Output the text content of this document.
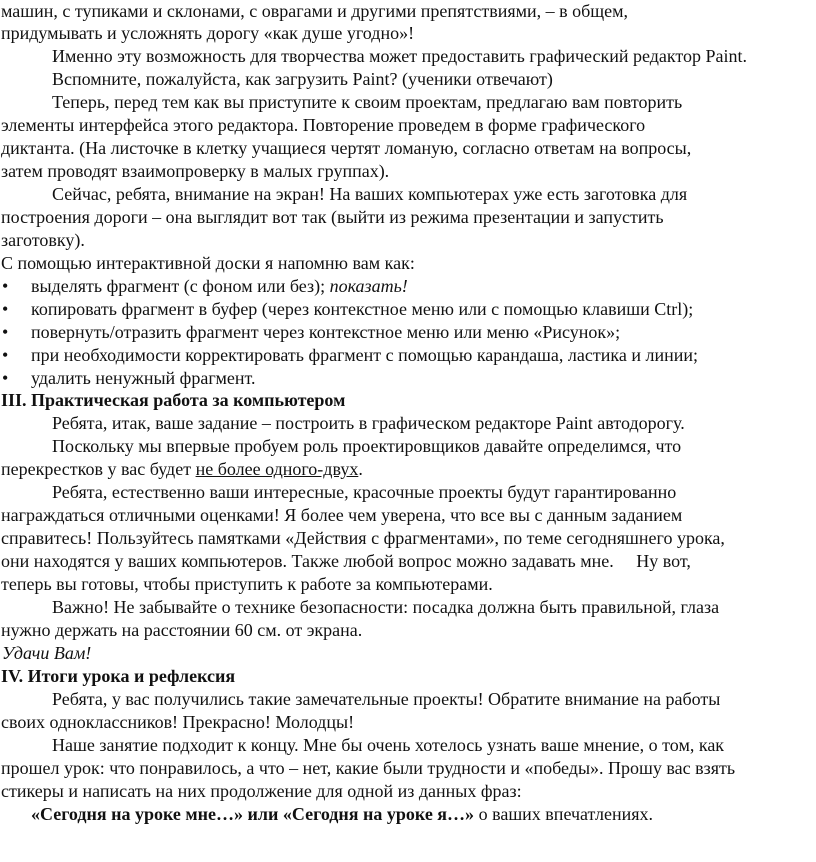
машин, с тупиками и склонами, с оврагами и другими препятствиями, – в общем,
придумывать и усложнять дорогу «как душе угодно»!
Именно эту возможность для творчества может предоставить графический редактор Paint.
Вспомните, пожалуйста, как загрузить Paint? (ученики отвечают)
Теперь, перед тем как вы приступите к своим проектам, предлагаю вам повторить
элементы интерфейса этого редактора. Повторение проведем в форме графического
диктанта. (На листочке в клетку учащиеся чертят ломаную, согласно ответам на вопросы,
затем проводят взаимопроверку в малых группах).
Сейчас, ребята, внимание на экран! На ваших компьютерах уже есть заготовка для
построения дороги – она выглядит вот так (выйти из режима презентации и запустить
заготовку).
С помощью интерактивной доски я напомню вам как:
• выделять фрагмент (с фоном или без); показать!
• копировать фрагмент в буфер (через контекстное меню или с помощью клавиши Ctrl);
• повернуть/отразить фрагмент через контекстное меню или меню «Рисунок»;
• при необходимости корректировать фрагмент с помощью карандаша, ластика и линии;
• удалить ненужный фрагмент.
III. Практическая работа за компьютером
Ребята, итак, ваше задание – построить в графическом редакторе Paint автодорогу.
Поскольку мы впервые пробуем роль проектировщиков давайте определимся, что
перекрестков у вас будет не более одного-двух.
Ребята, естественно ваши интересные, красочные проекты будут гарантированно
награждаться отличными оценками! Я более чем уверена, что все вы с данным заданием
справитесь! Пользуйтесь памятками «Действия с фрагментами», по теме сегодняшнего урока,
они находятся у ваших компьютеров. Также любой вопрос можно задавать мне.     Ну вот,
теперь вы готовы, чтобы приступить к работе за компьютерами.
Важно! Не забывайте о технике безопасности: посадка должна быть правильной, глаза
нужно держать на расстоянии 60 см. от экрана.
Удачи Вам!
IV. Итоги урока и рефлексия
Ребята, у вас получились такие замечательные проекты! Обратите внимание на работы
своих одноклассников! Прекрасно! Молодцы!
Наше занятие подходит к концу. Мне бы очень хотелось узнать ваше мнение, о том, как
прошел урок: что понравилось, а что – нет, какие были трудности и «победы». Прошу вас взять
стикеры и написать на них продолжение для одной из данных фраз:
«Сегодня на уроке мне…» или «Сегодня на уроке я…» о ваших впечатлениях.
